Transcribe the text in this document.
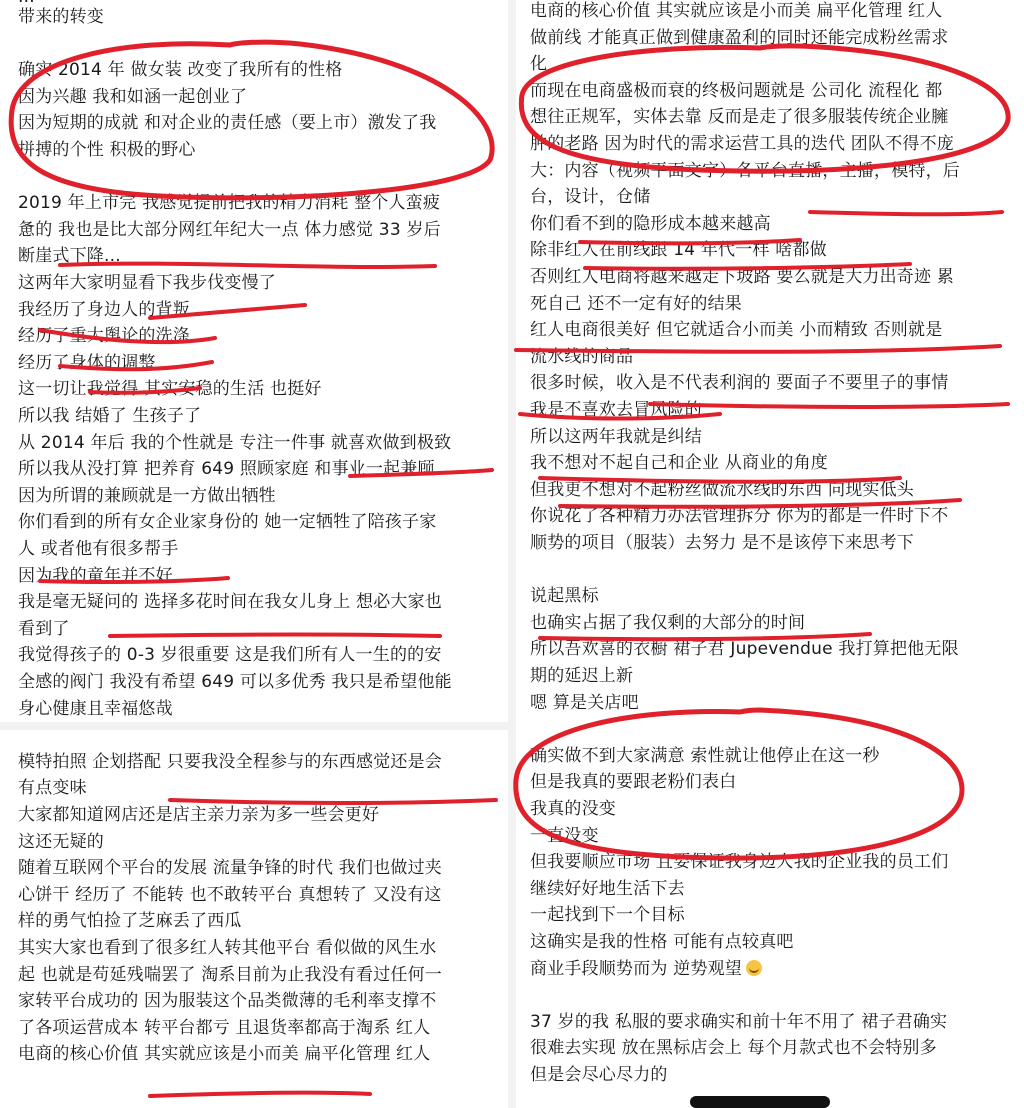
带来的转变
确实 2014 年 做女装 改变了我所有的性格
因为兴趣 我和如涵一起创业了
因为短期的成就 和对企业的责任感（要上市）激发了我
拼搏的个性 积极的野心
2019 年上市完 我感觉提前把我的精力消耗 整个人蛮疲
惫的 我也是比大部分网红年纪大一点 体力感觉 33 岁后
断崖式下降...
这两年大家明显看下我步伐变慢了
我经历了身边人的背叛
经历了重大舆论的洗涤
经历了身体的调整
这一切让我觉得 其实安稳的生活 也挺好
所以我 结婚了 生孩子了
从 2014 年后 我的个性就是 专注一件事 就喜欢做到极致
所以我从没打算 把养育 649 照顾家庭 和事业一起兼顾
因为所谓的兼顾就是一方做出牺牲
你们看到的所有女企业家身份的 她一定牺牲了陪孩子家
人 或者他有很多帮手
因为我的童年并不好
我是毫无疑问的 选择多花时间在我女儿身上 想必大家也
看到了
我觉得孩子的 0-3 岁很重要 这是我们所有人一生的的安
全感的阀门 我没有希望 649 可以多优秀 我只是希望他能
身心健康且幸福悠哉
模特拍照 企划搭配 只要我没全程参与的东西感觉还是会
有点变味
大家都知道网店还是店主亲力亲为多一些会更好
这还无疑的
随着互联网个平台的发展 流量争锋的时代 我们也做过夹
心饼干 经历了 不能转 也不敢转平台 真想转了 又没有这
样的勇气怕捡了芝麻丢了西瓜
其实大家也看到了很多红人转其他平台 看似做的风生水
起 也就是苟延残喘罢了 淘系目前为止我没有看过任何一
家转平台成功的 因为服装这个品类微薄的毛利率支撑不
了各项运营成本 转平台都亏 且退货率都高于淘系 红人
电商的核心价值 其实就应该是小而美 扁平化管理 红人
电商的核心价值 其实就应该是小而美 扁平化管理 红人
做前线 才能真正做到健康盈利的同时还能完成粉丝需求
化
而现在电商盛极而衰的终极问题就是 公司化 流程化 都
想往正规军，实体去靠 反而是走了很多服装传统企业臃
肿的老路 因为时代的需求运营工具的迭代 团队不得不庞
大：内容（视频平面文字）各平台直播，主播，模特，后
台，设计，仓储
你们看不到的隐形成本越来越高
除非红人在前线跟 14 年代一样 啥都做
否则红人电商将越来越走下坡路 要么就是大力出奇迹 累
死自己 还不一定有好的结果
红人电商很美好 但它就适合小而美 小而精致 否则就是
流水线的商品
很多时候，收入是不代表利润的 要面子不要里子的事情
我是不喜欢去冒风险的
所以这两年我就是纠结
我不想对不起自己和企业 从商业的角度
但我更不想对不起粉丝做流水线的东西 向现实低头
你说花了各种精力办法管理拆分 你为的都是一件时下不
顺势的项目（服装）去努力 是不是该停下来思考下
说起黑标
也确实占据了我仅剩的大部分的时间
所以吾欢喜的衣橱 裙子君 Jupevendue 我打算把他无限
期的延迟上新
嗯 算是关店吧
确实做不到大家满意 索性就让他停止在这一秒
但是我真的要跟老粉们表白
我真的没变
一直没变
但我要顺应市场 且要保证我身边人我的企业我的员工们
继续好好地生活下去
一起找到下一个目标
这确实是我的性格 可能有点较真吧
商业手段顺势而为 逆势观望
37 岁的我 私服的要求确实和前十年不用了 裙子君确实
很难去实现 放在黑标店会上 每个月款式也不会特别多
但是会尽心尽力的
